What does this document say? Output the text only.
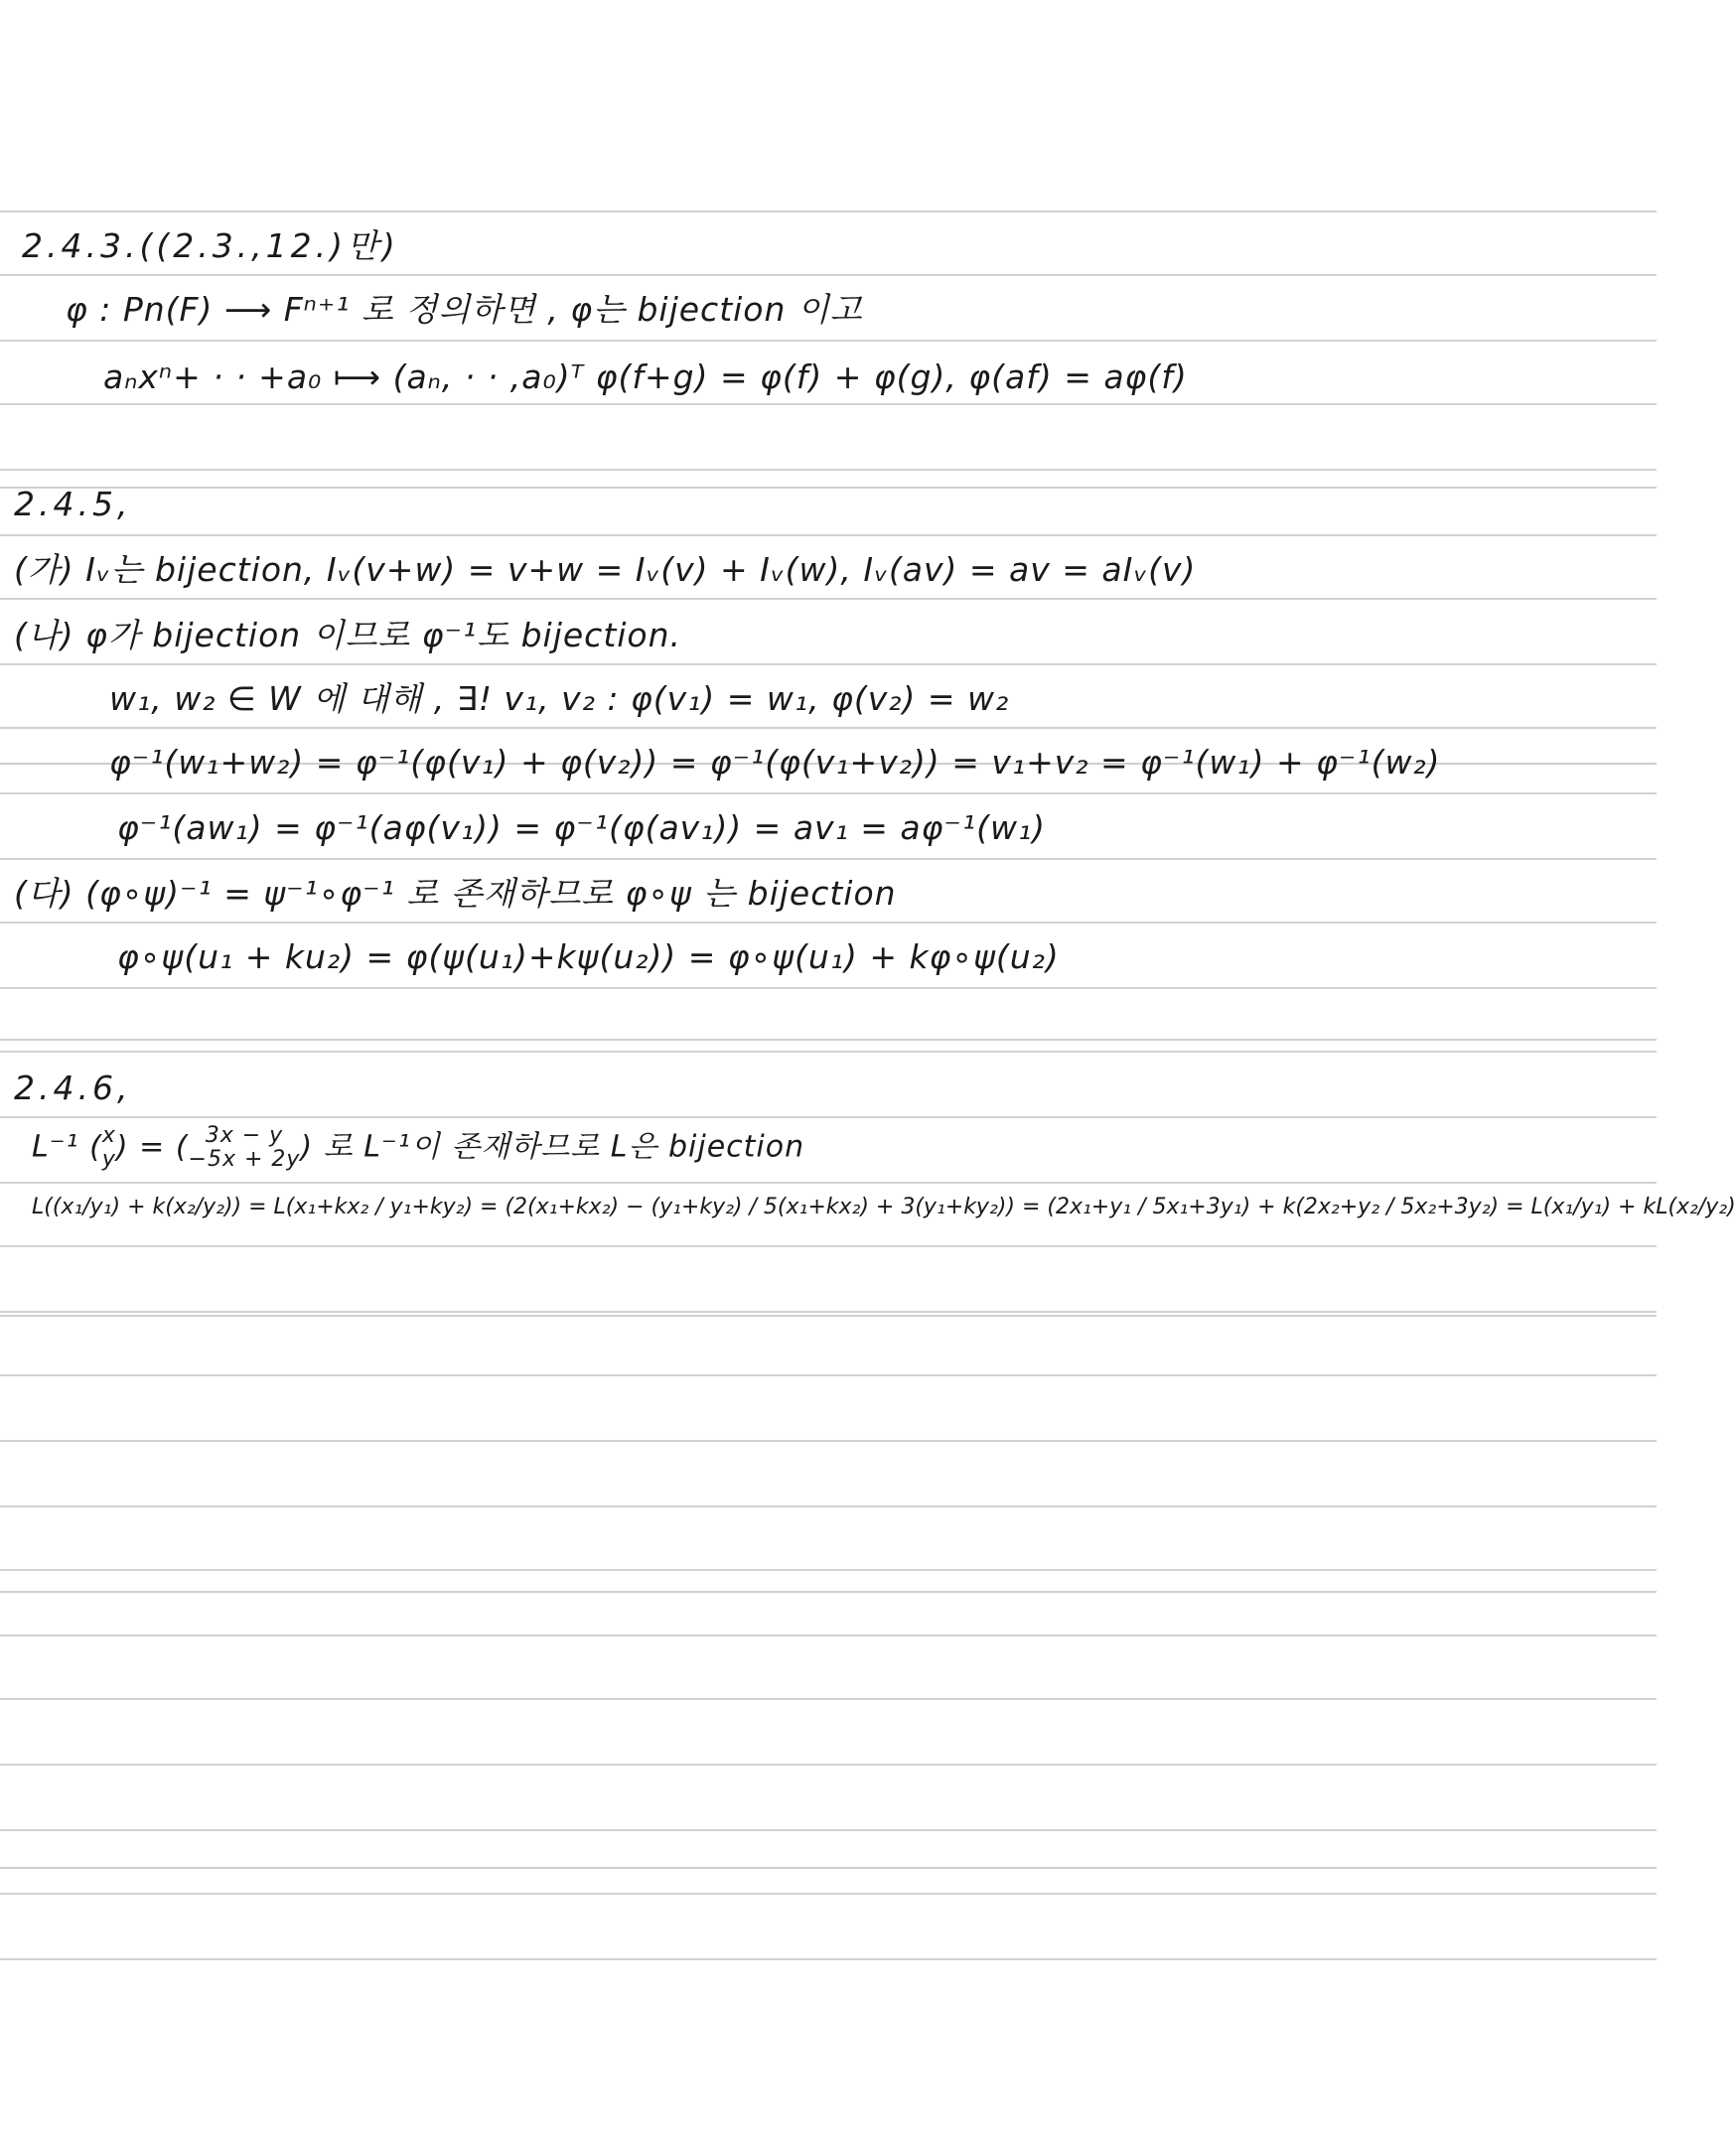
2.4.3.((2.3.,12.)만)
φ : Pn(F) ⟶ Fⁿ⁺¹ 로 정의하면 , φ는 bijection 이고
aₙxⁿ+ · · +a₀ ⟼ (aₙ, · · ,a₀)ᵀ φ(f+g) = φ(f) + φ(g), φ(af) = aφ(f)
2.4.5,
(가) Iᵥ는 bijection, Iᵥ(v+w) = v+w = Iᵥ(v) + Iᵥ(w), Iᵥ(av) = av = aIᵥ(v)
(나) φ가 bijection 이므로 φ⁻¹도 bijection.
w₁, w₂ ∈ W 에 대해 , ∃! v₁, v₂ : φ(v₁) = w₁, φ(v₂) = w₂
φ⁻¹(w₁+w₂) = φ⁻¹(φ(v₁) + φ(v₂)) = φ⁻¹(φ(v₁+v₂)) = v₁+v₂ = φ⁻¹(w₁) + φ⁻¹(w₂)
φ⁻¹(aw₁) = φ⁻¹(aφ(v₁)) = φ⁻¹(φ(av₁)) = av₁ = aφ⁻¹(w₁)
(다) (φ∘ψ)⁻¹ = ψ⁻¹∘φ⁻¹ 로 존재하므로 φ∘ψ 는 bijection
φ∘ψ(u₁ + ku₂) = φ(ψ(u₁)+kψ(u₂)) = φ∘ψ(u₁) + kφ∘ψ(u₂)
2.4.6,
L⁻¹ (x
y) = ( 3x − y
−5x + 2y) 로 L⁻¹이 존재하므로 L은 bijection
L((x₁/y₁) + k(x₂/y₂)) = L(x₁+kx₂ / y₁+ky₂) = (2(x₁+kx₂) − (y₁+ky₂) / 5(x₁+kx₂) + 3(y₁+ky₂)) = (2x₁+y₁ / 5x₁+3y₁) + k(2x₂+y₂ / 5x₂+3y₂) = L(x₁/y₁) + kL(x₂/y₂)
